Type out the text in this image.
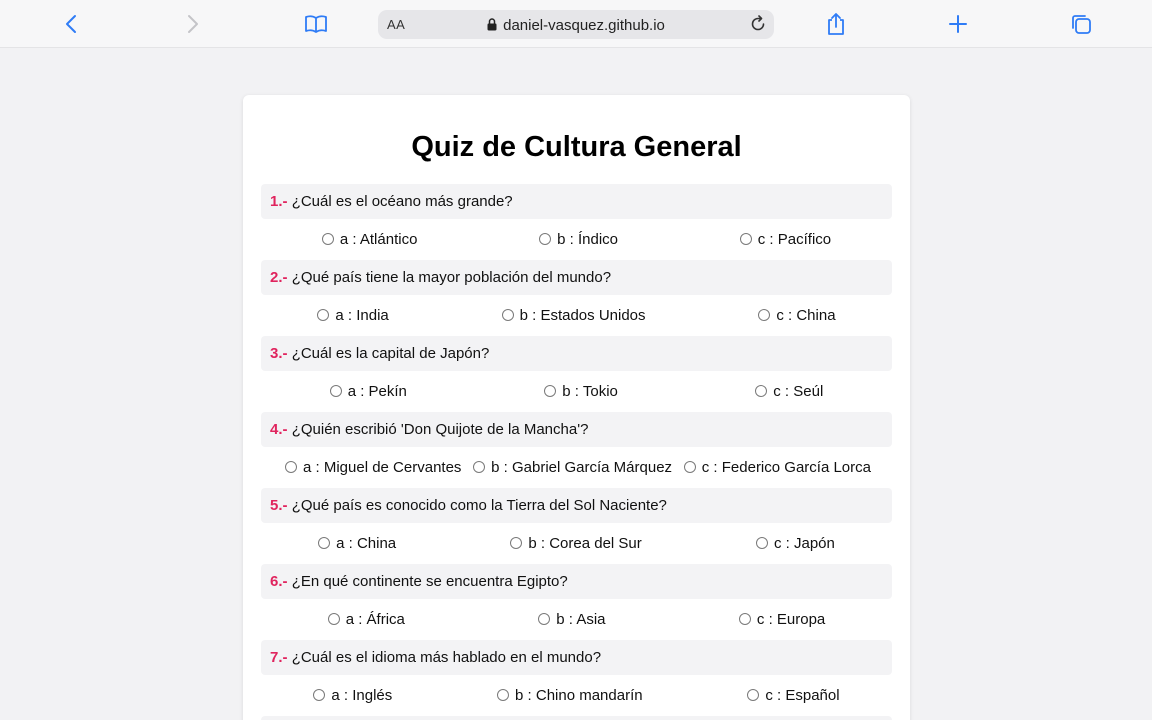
AA	daniel-vasquez.github.io
Quiz de Cultura General
1.- ¿Cuál es el océano más grande?
a : Atlántico	b : Índico	c : Pacífico
2.- ¿Qué país tiene la mayor población del mundo?
a : India	b : Estados Unidos	c : China
3.- ¿Cuál es la capital de Japón?
a : Pekín	b : Tokio	c : Seúl
4.- ¿Quién escribió 'Don Quijote de la Mancha'?
a : Miguel de Cervantes b : Gabriel García Márquez c : Federico García Lorca
5.- ¿Qué país es conocido como la Tierra del Sol Naciente?
a : China	b : Corea del Sur	c : Japón
6.- ¿En qué continente se encuentra Egipto?
a : África	b : Asia	c : Europa
7.- ¿Cuál es el idioma más hablado en el mundo?
a : Inglés	b : Chino mandarín	c : Español
